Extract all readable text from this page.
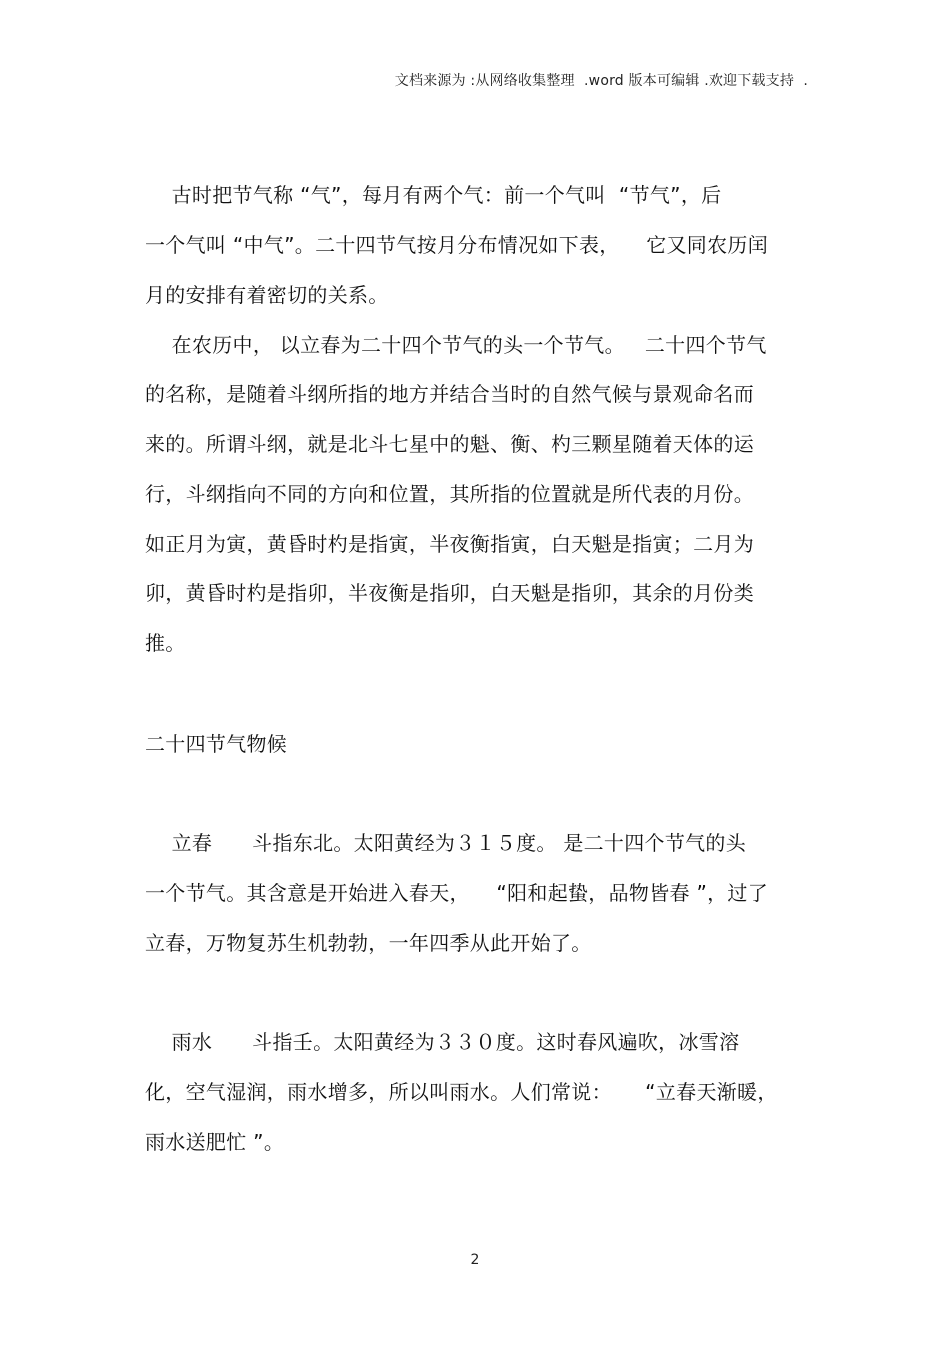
文档来源为 :从网络收集整理  .word 版本可编辑 .欢迎下载支持  .
古时把节气称 “气”，每月有两个气：前一个气叫  “节气”，后
一个气叫 “中气”。二十四节气按月分布情况如下表，    它又同农历闰
月的安排有着密切的关系。
在农历中， 以立春为二十四个节气的头一个节气。   二十四个节气
的名称，是随着斗纲所指的地方并结合当时的自然气候与景观命名而
来的。所谓斗纲，就是北斗七星中的魁、衡、杓三颗星随着天体的运
行，斗纲指向不同的方向和位置，其所指的位置就是所代表的月份。
如正月为寅，黄昏时杓是指寅，半夜衡指寅，白天魁是指寅；二月为
卯，黄昏时杓是指卯，半夜衡是指卯，白天魁是指卯，其余的月份类
推。
二十四节气物候
立春      斗指东北。太阳黄经为３１５度。 是二十四个节气的头
一个节气。其含意是开始进入春天，    “阳和起蛰，品物皆春 ”，过了
立春，万物复苏生机勃勃，一年四季从此开始了。
雨水      斗指壬。太阳黄经为３３０度。这时春风遍吹，冰雪溶
化，空气湿润，雨水增多，所以叫雨水。人们常说：     “立春天渐暖，
雨水送肥忙 ”。
2
